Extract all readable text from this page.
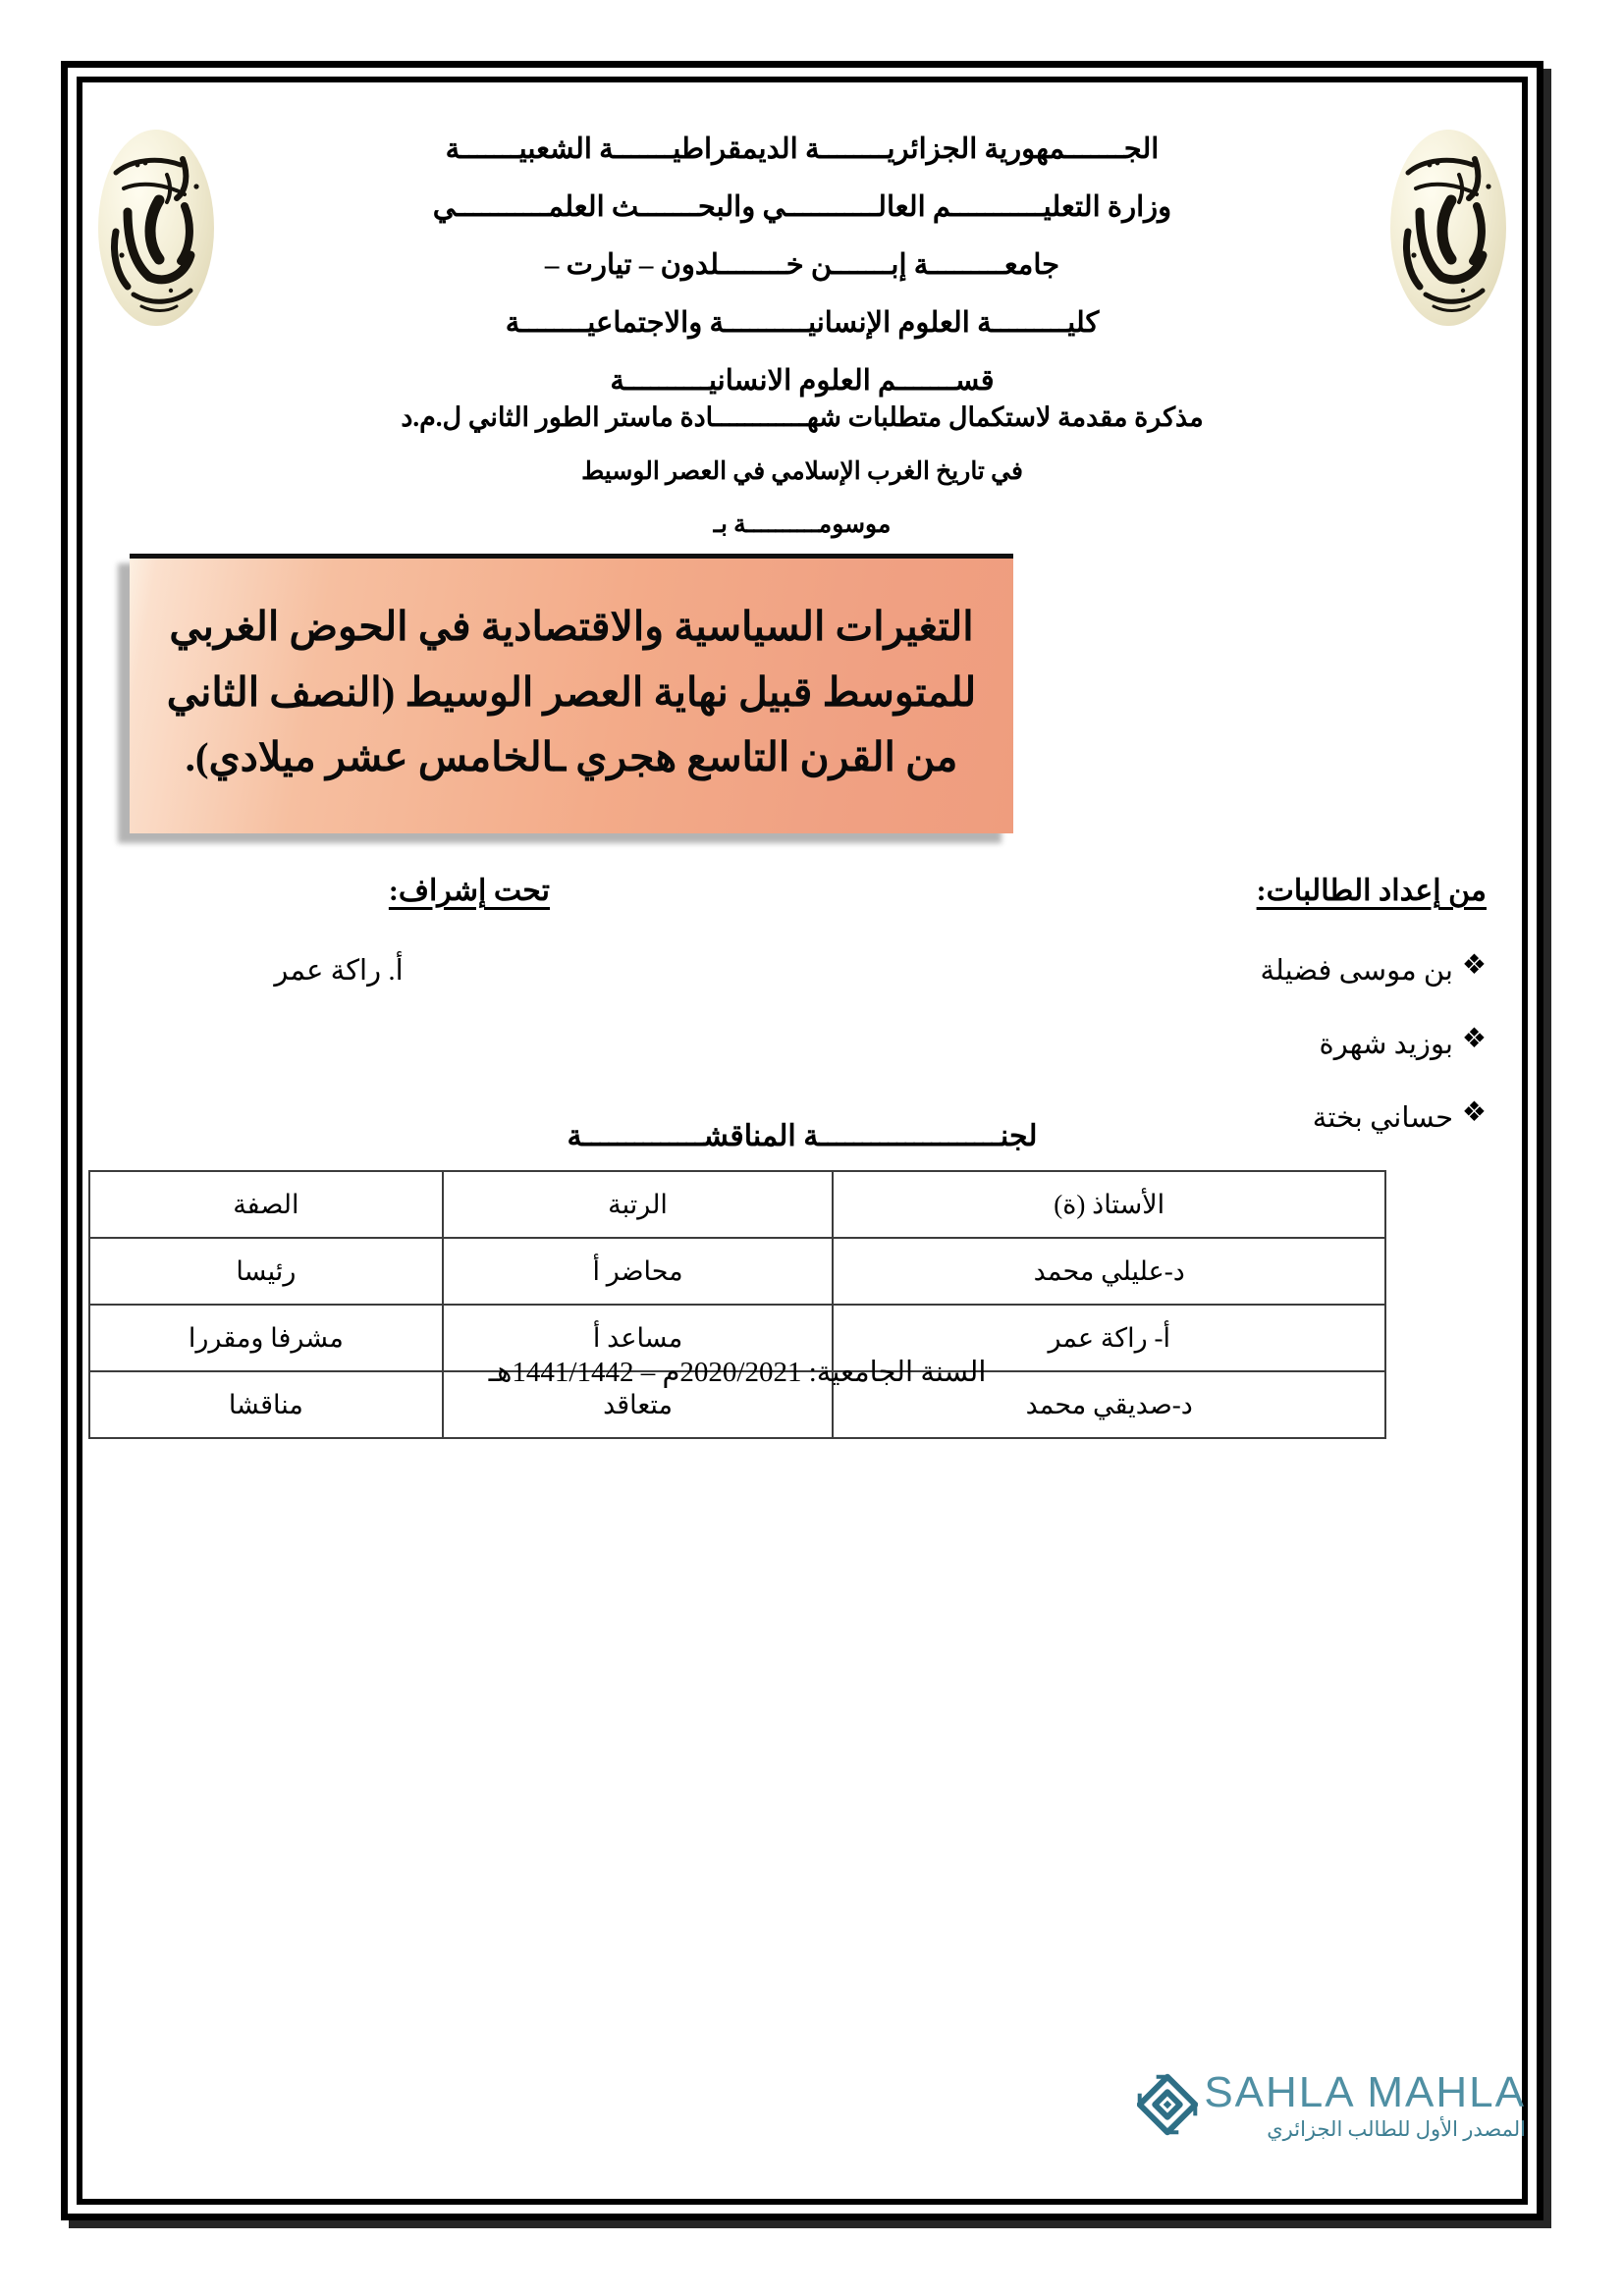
الجـــــــمهورية الجزائريــــــــة الديمقراطيـــــــة الشعبيـــــــة

وزارة التعليـــــــــــم العالـــــــــــي والبحـــــــث العلمـــــــــــي

جامعـــــــــة إبـــــــن خــــــــلدون – تيارت –

كليـــــــــة العلوم الإنسانيــــــــــة والاجتماعيــــــــة

قســـــــم العلوم الانسانيــــــــــة

مذكرة مقدمة لاستكمال متطلبات شهــــــــــــادة ماستر الطور الثاني ل.م.د

في تاريخ الغرب الإسلامي في العصر الوسيط

موسومــــــــــة بـ

التغيرات السياسية والاقتصادية في الحوض الغربي للمتوسط قبيل نهاية العصر الوسيط (النصف الثاني من القرن التاسع هجري ـالخامس عشر ميلادي).

من إعداد الطالبات:

❖
بن موسى فضيلة

❖
بوزيد شهرة

❖
حساني بختة

تحت إشراف:

أ. راكة عمر

لجنـــــــــــــــــــــة المناقشــــــــــــــة
الأستاذ (ة)	الرتبة	الصفة
د-عليلي محمد	محاضر أ	رئيسا
أ- راكة عمر	مساعد أ	مشرفا ومقررا
د-صديقي محمد	متعاقد	مناقشا
السنة الجامعية: 2020/2021م – 1441/1442هـ
SAHLA MAHLA
المصدر الأول للطالب الجزائري
